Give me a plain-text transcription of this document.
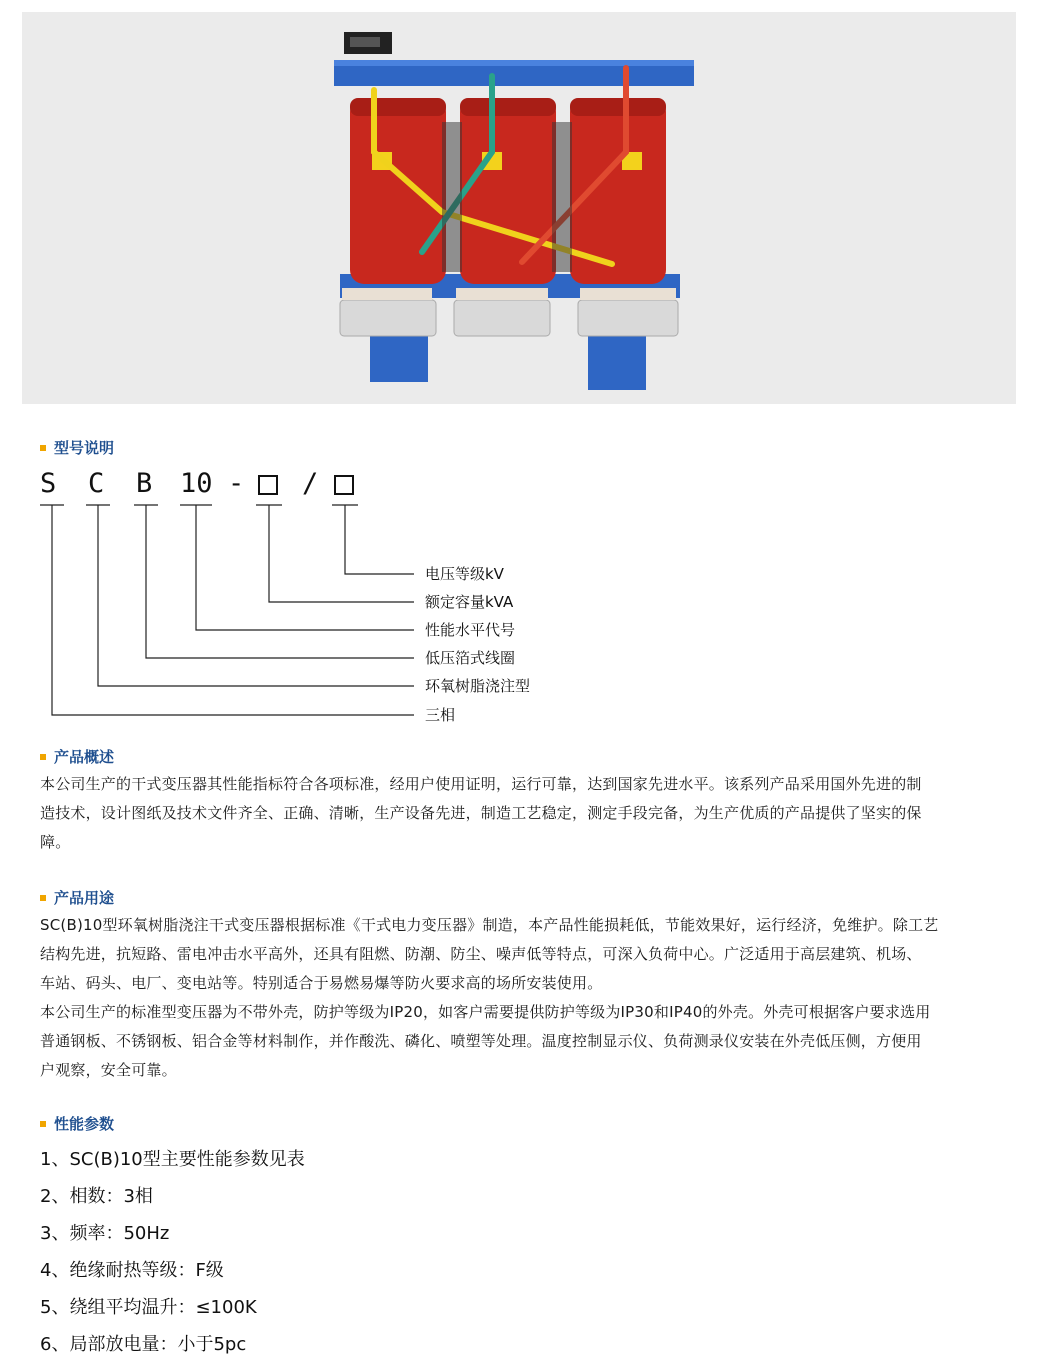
型号说明
S C B 10 - /
电压等级kV
额定容量kVA
性能水平代号
低压箔式线圈
环氧树脂浇注型
三相
产品概述
本公司生产的干式变压器其性能指标符合各项标准，经用户使用证明，运行可靠，达到国家先进水平。该系列产品采用国外先进的制
造技术，设计图纸及技术文件齐全、正确、清晰，生产设备先进，制造工艺稳定，测定手段完备，为生产优质的产品提供了坚实的保
障。
产品用途
SC(B)10型环氧树脂浇注干式变压器根据标准《干式电力变压器》制造，本产品性能损耗低，节能效果好，运行经济，免维护。除工艺
结构先进，抗短路、雷电冲击水平高外，还具有阻燃、防潮、防尘、噪声低等特点，可深入负荷中心。广泛适用于高层建筑、机场、
车站、码头、电厂、变电站等。特别适合于易燃易爆等防火要求高的场所安装使用。
本公司生产的标准型变压器为不带外壳，防护等级为IP20，如客户需要提供防护等级为IP30和IP40的外壳。外壳可根据客户要求选用
普通钢板、不锈钢板、铝合金等材料制作，并作酸洗、磷化、喷塑等处理。温度控制显示仪、负荷测录仪安装在外壳低压侧，方便用
户观察，安全可靠。
性能参数
1、SC(B)10型主要性能参数见表
2、相数：3相
3、频率：50Hz
4、绝缘耐热等级：F级
5、绕组平均温升：≤100K
6、局部放电量：小于5pc
